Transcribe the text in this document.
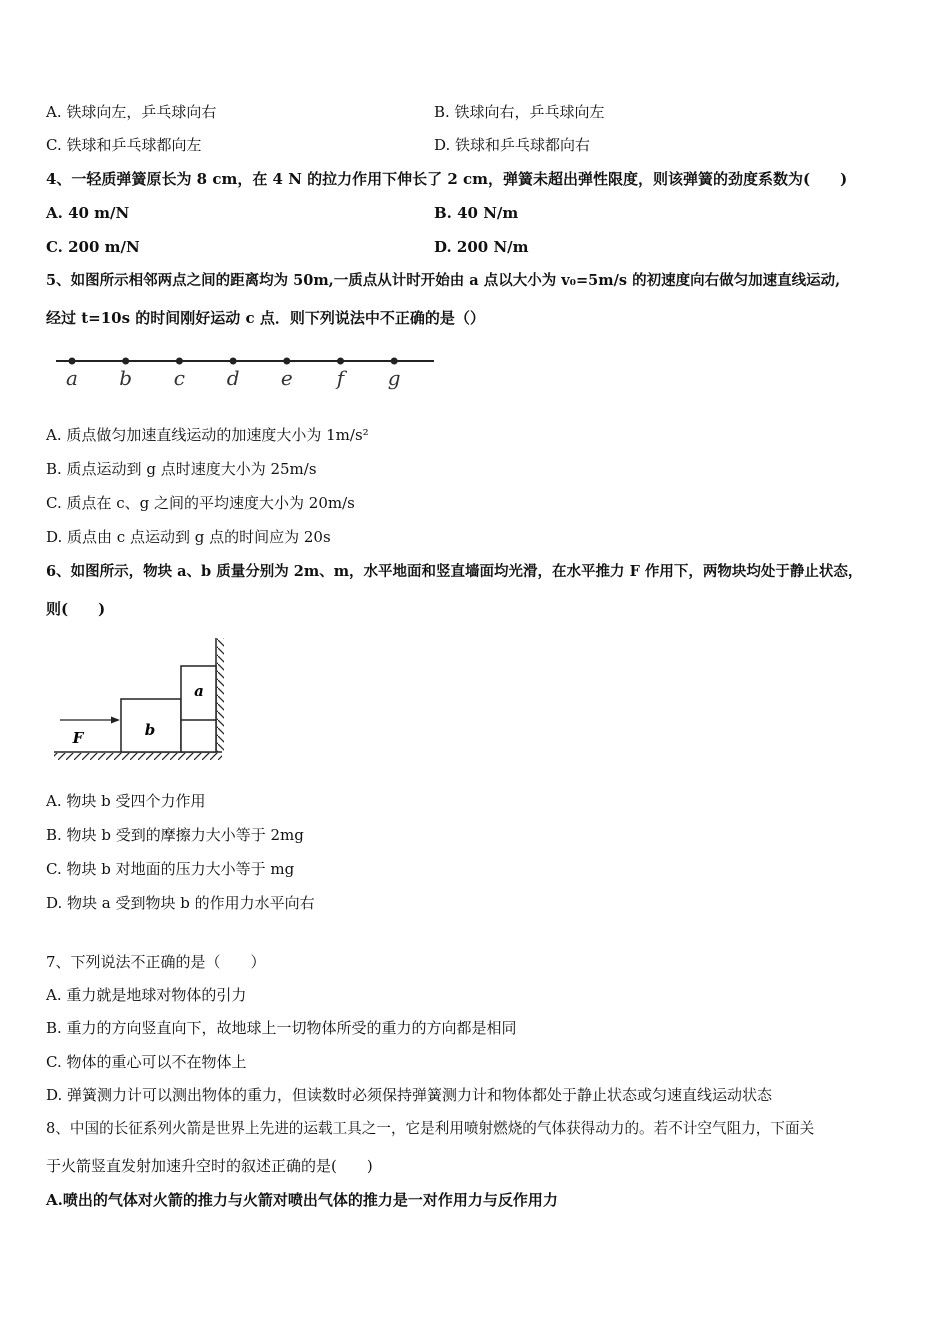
A. 铁球向左，乒乓球向右	B. 铁球向右，乒乓球向左
C. 铁球和乒乓球都向左	D. 铁球和乒乓球都向右
4、一轻质弹簧原长为 8 cm，在 4 N 的拉力作用下伸长了 2 cm，弹簧未超出弹性限度，则该弹簧的劲度系数为(　　)
A. 40 m/N	B. 40 N/m
C. 200 m/N	D. 200 N/m
5、如图所示相邻两点之间的距离均为 50m,一质点从计时开始由 a 点以大小为 v₀=5m/s 的初速度向右做匀加速直线运动,
经过 t=10s 的时间刚好运动 c 点．则下列说法中不正确的是（）
a b c d e f g
A. 质点做匀加速直线运动的加速度大小为 1m/s²
B. 质点运动到 g 点时速度大小为 25m/s
C. 质点在 c、g 之间的平均速度大小为 20m/s
D. 质点由 c 点运动到 g 点的时间应为 20s
6、如图所示，物块 a、b 质量分别为 2m、m，水平地面和竖直墙面均光滑，在水平推力 F 作用下，两物块均处于静止状态，
则(　　)
b
a
F
A. 物块 b 受四个力作用
B. 物块 b 受到的摩擦力大小等于 2mg
C. 物块 b 对地面的压力大小等于 mg
D. 物块 a 受到物块 b 的作用力水平向右
7、下列说法不正确的是（　　）
A. 重力就是地球对物体的引力
B. 重力的方向竖直向下，故地球上一切物体所受的重力的方向都是相同
C. 物体的重心可以不在物体上
D. 弹簧测力计可以测出物体的重力，但读数时必须保持弹簧测力计和物体都处于静止状态或匀速直线运动状态
8、中国的长征系列火箭是世界上先进的运载工具之一，它是利用喷射燃烧的气体获得动力的。若不计空气阻力，下面关
于火箭竖直发射加速升空时的叙述正确的是(　　)
A.喷出的气体对火箭的推力与火箭对喷出气体的推力是一对作用力与反作用力
